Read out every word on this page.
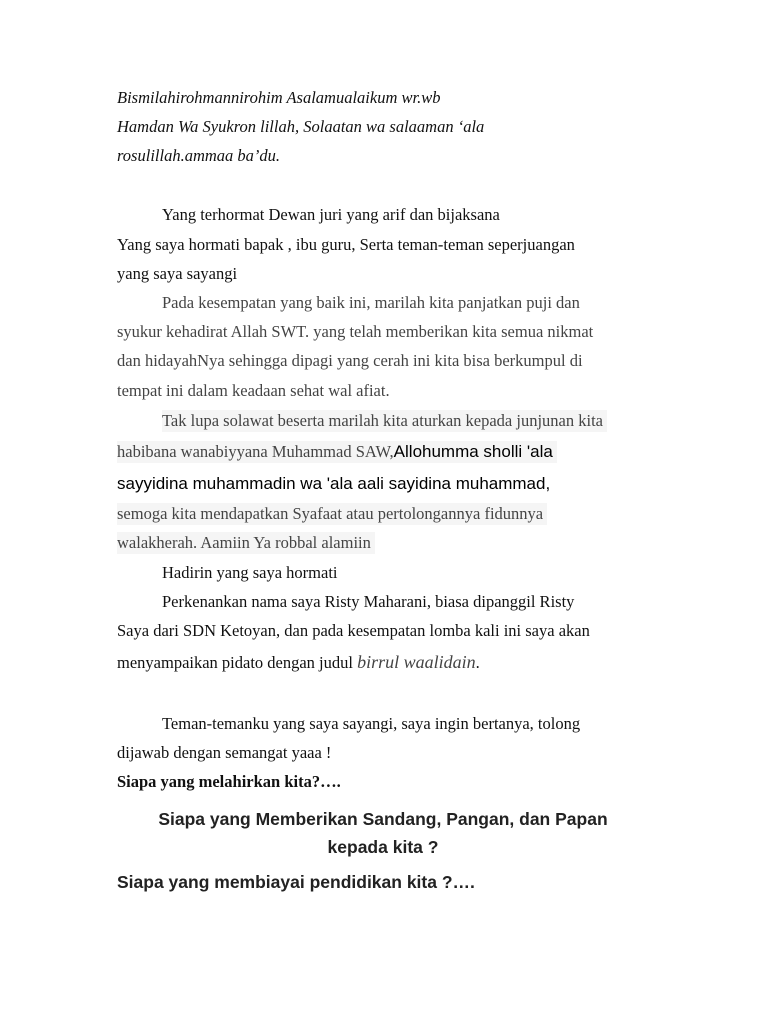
Bismilahirohmannirohim Asalamualaikum wr.wb
Hamdan Wa Syukron lillah, Solaatan wa salaaman ‘ala
rosulillah.ammaa ba’du.
Yang terhormat Dewan juri yang arif dan bijaksana
Yang saya hormati bapak , ibu guru, Serta teman-teman seperjuangan
yang saya sayangi
Pada kesempatan yang baik ini, marilah kita panjatkan puji dan
syukur kehadirat Allah SWT. yang telah memberikan kita semua nikmat
dan hidayahNya sehingga dipagi yang cerah ini kita bisa berkumpul di
tempat ini dalam keadaan sehat wal afiat.
Tak lupa solawat beserta marilah kita aturkan kepada junjunan kita
habibana wanabiyyana Muhammad SAW,Allohumma sholli 'ala
sayyidina muhammadin wa 'ala aali sayidina muhammad,
semoga kita mendapatkan Syafaat atau pertolongannya fidunnya
walakherah. Aamiin Ya robbal alamiin
Hadirin yang saya hormati
Perkenankan nama saya Risty Maharani, biasa dipanggil Risty
Saya dari SDN Ketoyan, dan pada kesempatan lomba kali ini saya akan
menyampaikan pidato dengan judul birrul waalidain.
Teman-temanku yang saya sayangi, saya ingin bertanya, tolong
dijawab dengan semangat yaaa !
Siapa yang melahirkan kita?….
Siapa yang Memberikan Sandang, Pangan, dan Papan
kepada kita ?
Siapa yang membiayai pendidikan kita ?….
